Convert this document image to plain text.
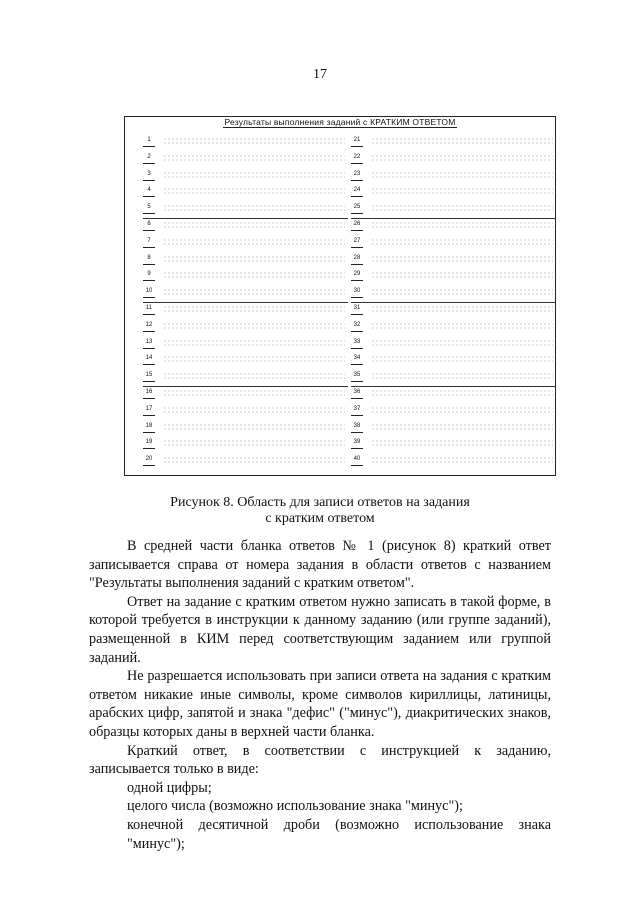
17
Результаты выполнения заданий с КРАТКИМ ОТВЕТОМ
1
2
3
4
5
6
7
8
9
10
11
12
13
14
15
16
17
18
19
20
21
22
23
24
25
26
27
28
29
30
31
32
33
34
35
36
37
38
39
40
Рисунок 8. Область для записи ответов на задания
с кратким ответом

В средней части бланка ответов № 1 (рисунок 8) краткий ответ записывается справа от номера задания в области ответов с названием "Результаты выполнения заданий с кратким ответом".

Ответ на задание с кратким ответом нужно записать в такой форме, в которой требуется в инструкции к данному заданию (или группе заданий), размещенной в КИМ перед соответствующим заданием или группой заданий.

Не разрешается использовать при записи ответа на задания с кратким ответом никакие иные символы, кроме символов кириллицы, латиницы, арабских цифр, запятой и знака "дефис" ("минус"), диакритических знаков, образцы которых даны в верхней части бланка.

Краткий ответ, в соответствии с инструкцией к заданию, записывается только в виде:

одной цифры;
целого числа (возможно использование знака "минус");
конечной десятичной дроби (возможно использование знака "минус");
